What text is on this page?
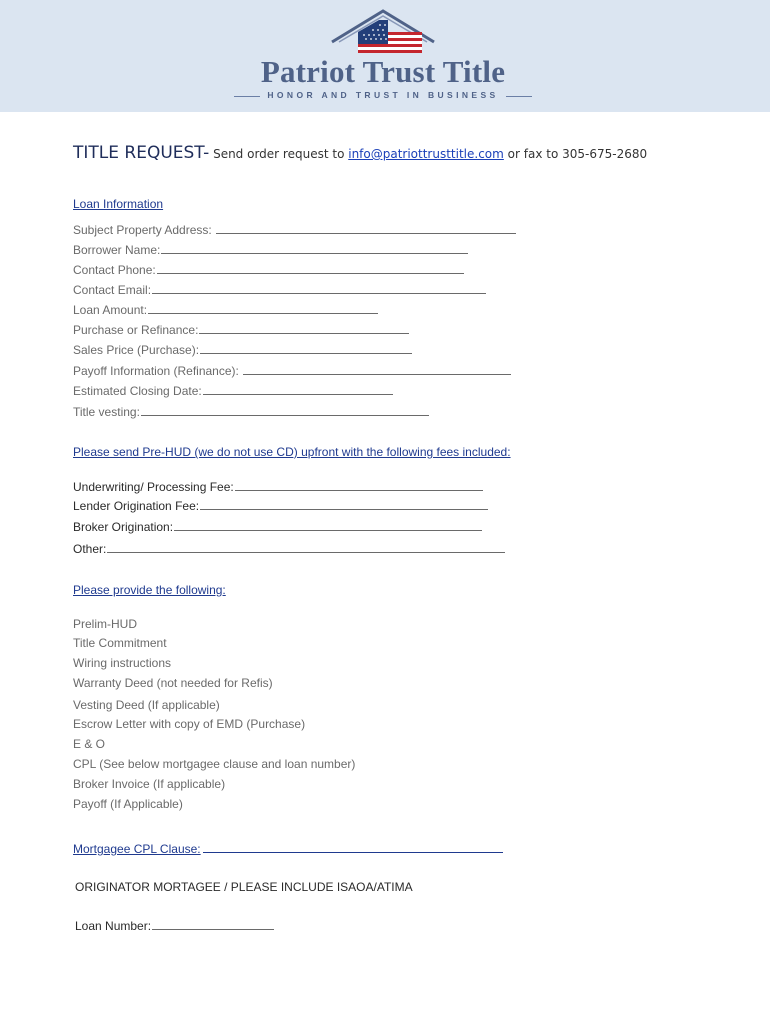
Patriot Trust Title
HONOR AND TRUST IN BUSINESS
TITLE REQUEST- Send order request to info@patriottrusttitle.com or fax to 305-675-2680
Loan Information
Subject Property Address:
Borrower Name:
Contact Phone:
Contact Email:
Loan Amount:
Purchase or Refinance:
Sales Price (Purchase):
Payoff Information (Refinance):
Estimated Closing Date:
Title vesting:
Please send Pre-HUD (we do not use CD) upfront with the following fees included:
Underwriting/ Processing Fee:
Lender Origination Fee:
Broker Origination:
Other:
Please provide the following:
Prelim-HUD
Title Commitment
Wiring instructions
Warranty Deed (not needed for Refis)
Vesting Deed (If applicable)
Escrow Letter with copy of EMD (Purchase)
E & O
CPL (See below mortgagee clause and loan number)
Broker Invoice (If applicable)
Payoff (If Applicable)
Mortgagee CPL Clause:
ORIGINATOR MORTAGEE / PLEASE INCLUDE ISAOA/ATIMA
Loan Number:
